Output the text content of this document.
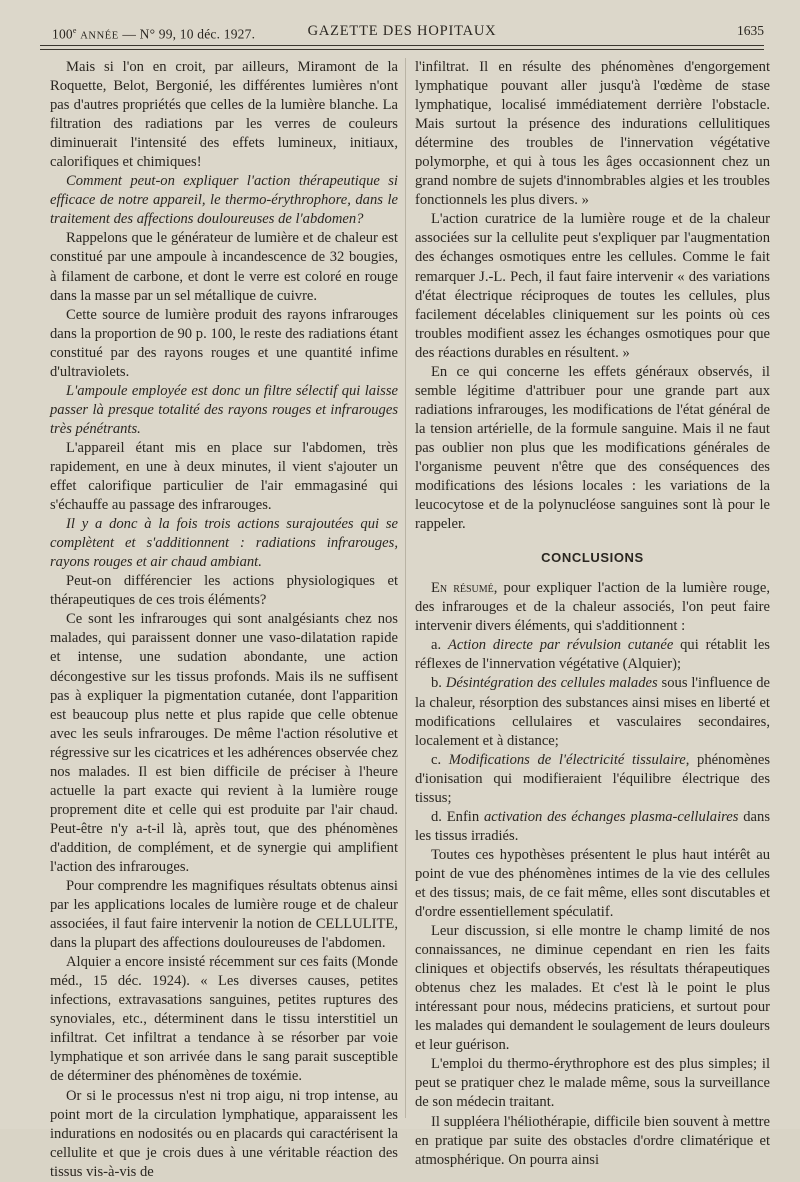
100e ANNÉE — N° 99, 10 déc. 1927.	GAZETTE DES HOPITAUX	1635

Mais si l'on en croit, par ailleurs, Miramont de la Roquette, Belot, Bergonié, les différentes lumières n'ont pas d'autres propriétés que celles de la lumière blanche. La filtration des radiations par les verres de couleurs diminuerait l'intensité des effets lumineux, initiaux, calorifiques et chimiques!

Comment peut-on expliquer l'action thérapeutique si efficace de notre appareil, le thermo-érythrophore, dans le traitement des affections douloureuses de l'abdomen?

Rappelons que le générateur de lumière et de chaleur est constitué par une ampoule à incandescence de 32 bougies, à filament de carbone, et dont le verre est coloré en rouge dans la masse par un sel métallique de cuivre.

Cette source de lumière produit des rayons infrarouges dans la proportion de 90 p. 100, le reste des radiations étant constitué par des rayons rouges et une quantité infime d'ultraviolets.

L'ampoule employée est donc un filtre sélectif qui laisse passer là presque totalité des rayons rouges et infrarouges très pénétrants.

L'appareil étant mis en place sur l'abdomen, très rapidement, en une à deux minutes, il vient s'ajouter un effet calorifique particulier de l'air emmagasiné qui s'échauffe au passage des infrarouges.

Il y a donc à la fois trois actions surajoutées qui se complètent et s'additionnent : radiations infrarouges, rayons rouges et air chaud ambiant.

Peut-on différencier les actions physiologiques et thérapeutiques de ces trois éléments?

Ce sont les infrarouges qui sont analgésiants chez nos malades, qui paraissent donner une vaso-dilatation rapide et intense, une sudation abondante, une action décongestive sur les tissus profonds. Mais ils ne suffisent pas à expliquer la pigmentation cutanée, dont l'apparition est beaucoup plus nette et plus rapide que celle obtenue avec les seuls infrarouges. De même l'action résolutive et régressive sur les cicatrices et les adhérences observée chez nos malades. Il est bien difficile de préciser à l'heure actuelle la part exacte qui revient à la lumière rouge proprement dite et celle qui est produite par l'air chaud. Peut-être n'y a-t-il là, après tout, que des phénomènes d'addition, de complément, et de synergie qui amplifient l'action des infrarouges.

Pour comprendre les magnifiques résultats obtenus ainsi par les applications locales de lumière rouge et de chaleur associées, il faut faire intervenir la notion de CELLULITE, dans la plupart des affections douloureuses de l'abdomen.

Alquier a encore insisté récemment sur ces faits (Monde méd., 15 déc. 1924). « Les diverses causes, petites infections, extravasations sanguines, petites ruptures des synoviales, etc., déterminent dans le tissu interstitiel un infiltrat. Cet infiltrat a tendance à se résorber par voie lymphatique et son arrivée dans le sang parait susceptible de déterminer des phénomènes de toxémie.

Or si le processus n'est ni trop aigu, ni trop intense, au point mort de la circulation lymphatique, apparaissent les indurations en nodosités ou en placards qui caractérisent la cellulite et que je crois dues à une véritable réaction des tissus vis-à-vis de

l'infiltrat. Il en résulte des phénomènes d'engorgement lymphatique pouvant aller jusqu'à l'œdème de stase lymphatique, localisé immédiatement derrière l'obstacle. Mais surtout la présence des indurations cellulitiques détermine des troubles de l'innervation végétative polymorphe, et qui à tous les âges occasionnent chez un grand nombre de sujets d'innombrables algies et les troubles fonctionnels les plus divers. »

L'action curatrice de la lumière rouge et de la chaleur associées sur la cellulite peut s'expliquer par l'augmentation des échanges osmotiques entre les cellules. Comme le fait remarquer J.-L. Pech, il faut faire intervenir « des variations d'état électrique réciproques de toutes les cellules, plus facilement décelables cliniquement sur les points où ces troubles modifient assez les échanges osmotiques pour que des réactions durables en résultent. »

En ce qui concerne les effets généraux observés, il semble légitime d'attribuer pour une grande part aux radiations infrarouges, les modifications de l'état général de la tension artérielle, de la formule sanguine. Mais il ne faut pas oublier non plus que les modifications générales de l'organisme peuvent n'être que des conséquences des modifications des lésions locales : les variations de la leucocytose et de la polynucléose sanguines sont là pour le rappeler.

CONCLUSIONS

En résumé, pour expliquer l'action de la lumière rouge, des infrarouges et de la chaleur associés, l'on peut faire intervenir divers éléments, qui s'additionnent :

a. Action directe par révulsion cutanée qui rétablit les réflexes de l'innervation végétative (Alquier);

b. Désintégration des cellules malades sous l'influence de la chaleur, résorption des substances ainsi mises en liberté et modifications cellulaires et vasculaires secondaires, localement et à distance;

c. Modifications de l'électricité tissulaire, phénomènes d'ionisation qui modifieraient l'équilibre électrique des tissus;

d. Enfin activation des échanges plasma-cellulaires dans les tissus irradiés.

Toutes ces hypothèses présentent le plus haut intérêt au point de vue des phénomènes intimes de la vie des cellules et des tissus; mais, de ce fait même, elles sont discutables et d'ordre essentiellement spéculatif.

Leur discussion, si elle montre le champ limité de nos connaissances, ne diminue cependant en rien les faits cliniques et objectifs observés, les résultats thérapeutiques obtenus chez les malades. Et c'est là le point le plus intéressant pour nous, médecins praticiens, et surtout pour les malades qui demandent le soulagement de leurs douleurs et leur guérison.

L'emploi du thermo-érythrophore est des plus simples; il peut se pratiquer chez le malade même, sous la surveillance de son médecin traitant.

Il suppléera l'héliothérapie, difficile bien souvent à mettre en pratique par suite des obstacles d'ordre climatérique et atmosphérique. On pourra ainsi
